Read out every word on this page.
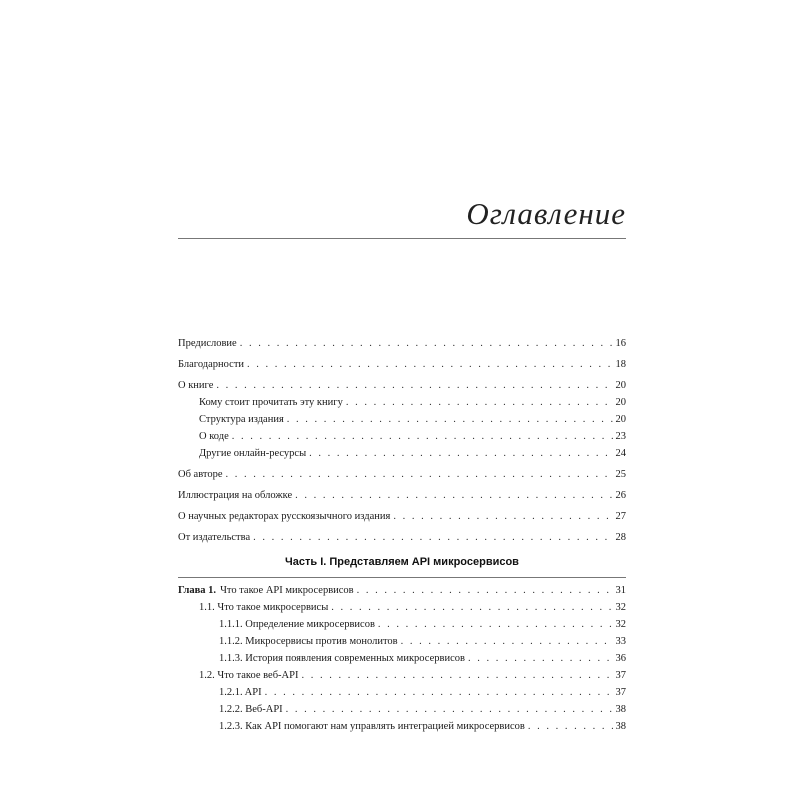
Оглавление
Предисловие . . .	16
Благодарности . . .	18
О книге . . .	20
Кому стоит прочитать эту книгу . . .	20
Структура издания . . .	20
О коде . . .	23
Другие онлайн-ресурсы . . .	24
Об авторе . . .	25
Иллюстрация на обложке . . .	26
О научных редакторах русскоязычного издания . . .	27
От издательства . . .	28
Часть I. Представляем API микросервисов
Глава 1. Что такое API микросервисов . . .	31
1.1. Что такое микросервисы . . .	32
1.1.1. Определение микросервисов . . .	32
1.1.2. Микросервисы против монолитов . . .	33
1.1.3. История появления современных микросервисов . . .	36
1.2. Что такое веб-API . . .	37
1.2.1. API . . .	37
1.2.2. Веб-API . . .	38
1.2.3. Как API помогают нам управлять интеграцией микросервисов . . .	38
